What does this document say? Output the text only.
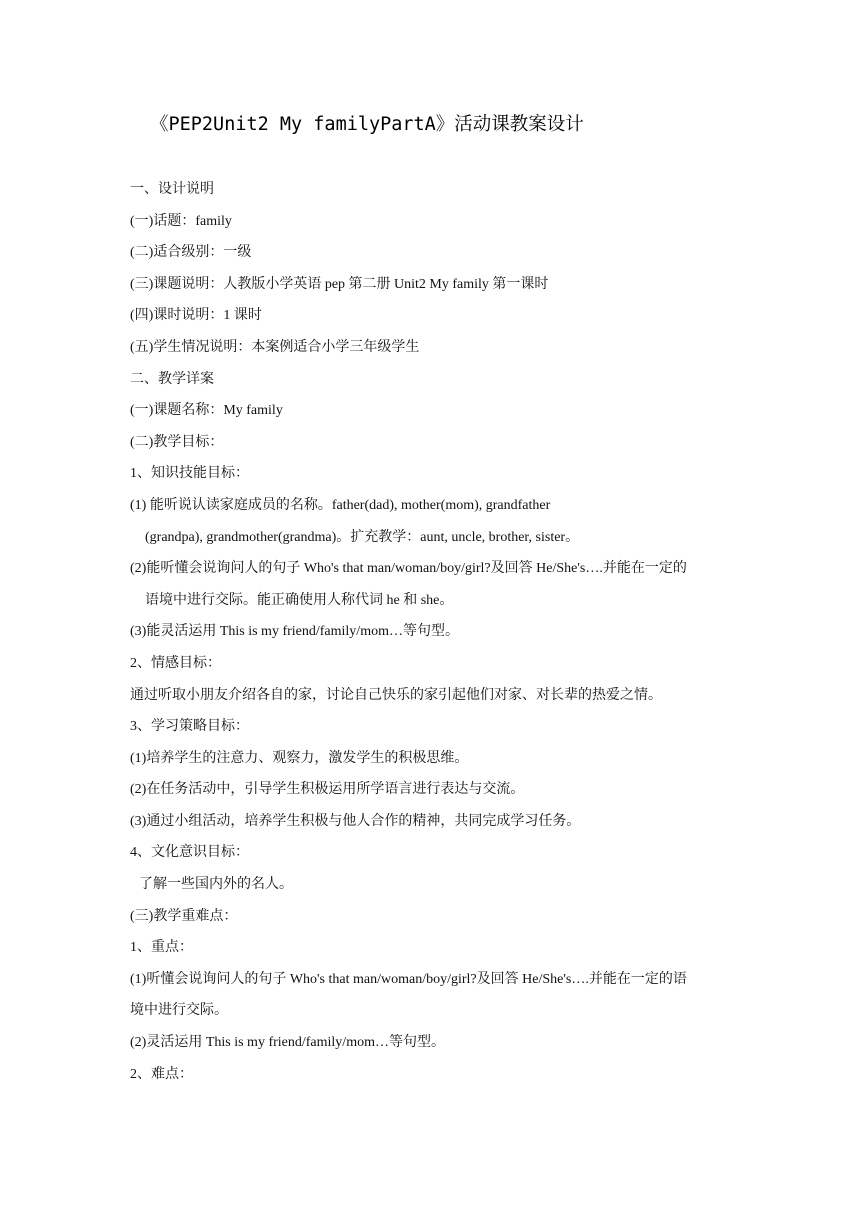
《PEP2Unit2 My familyPartA》活动课教案设计
一、设计说明
(一)话题：family
(二)适合级别：一级
(三)课题说明：人教版小学英语 pep 第二册 Unit2 My family 第一课时
(四)课时说明：1 课时
(五)学生情况说明：本案例适合小学三年级学生
二、教学详案
(一)课题名称：My family
(二)教学目标：
1、知识技能目标：
(1) 能听说认读家庭成员的名称。father(dad), mother(mom), grandfather
(grandpa), grandmother(grandma)。扩充教学：aunt, uncle, brother, sister。
(2)能听懂会说询问人的句子 Who's that man/woman/boy/girl?及回答 He/She's….并能在一定的
语境中进行交际。能正确使用人称代词 he 和 she。
(3)能灵活运用 This is my friend/family/mom…等句型。
2、情感目标：
通过听取小朋友介绍各自的家，讨论自己快乐的家引起他们对家、对长辈的热爱之情。
3、学习策略目标：
(1)培养学生的注意力、观察力，激发学生的积极思维。
(2)在任务活动中，引导学生积极运用所学语言进行表达与交流。
(3)通过小组活动，培养学生积极与他人合作的精神，共同完成学习任务。
4、文化意识目标：
了解一些国内外的名人。
(三)教学重难点：
1、重点：
(1)听懂会说询问人的句子 Who's that man/woman/boy/girl?及回答 He/She's….并能在一定的语
境中进行交际。
(2)灵活运用 This is my friend/family/mom…等句型。
2、难点：
